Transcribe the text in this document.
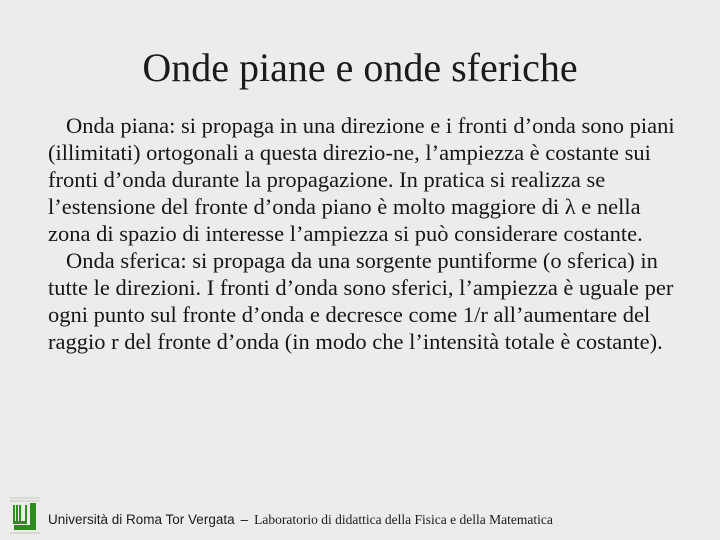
Onde piane e onde sferiche

Onda piana: si propaga in una direzione e i fronti d’onda sono piani (illimitati) ortogonali a questa direzio-ne, l’ampiezza è costante sui fronti d’onda durante la propagazione. In pratica si realizza se l’estensione del fronte d’onda piano è molto maggiore di λ e nella zona di spazio di interesse l’ampiezza si può considerare costante.

Onda sferica: si propaga da una sorgente puntiforme (o sferica) in tutte le direzioni. I fronti d’onda sono sferici, l’ampiezza è uguale per ogni punto sul fronte d’onda e decresce come 1/r all’aumentare del raggio r del fronte d’onda (in modo che l’intensità totale è costante).

Università di Roma Tor Vergata – Laboratorio di didattica della Fisica e della Matematica
